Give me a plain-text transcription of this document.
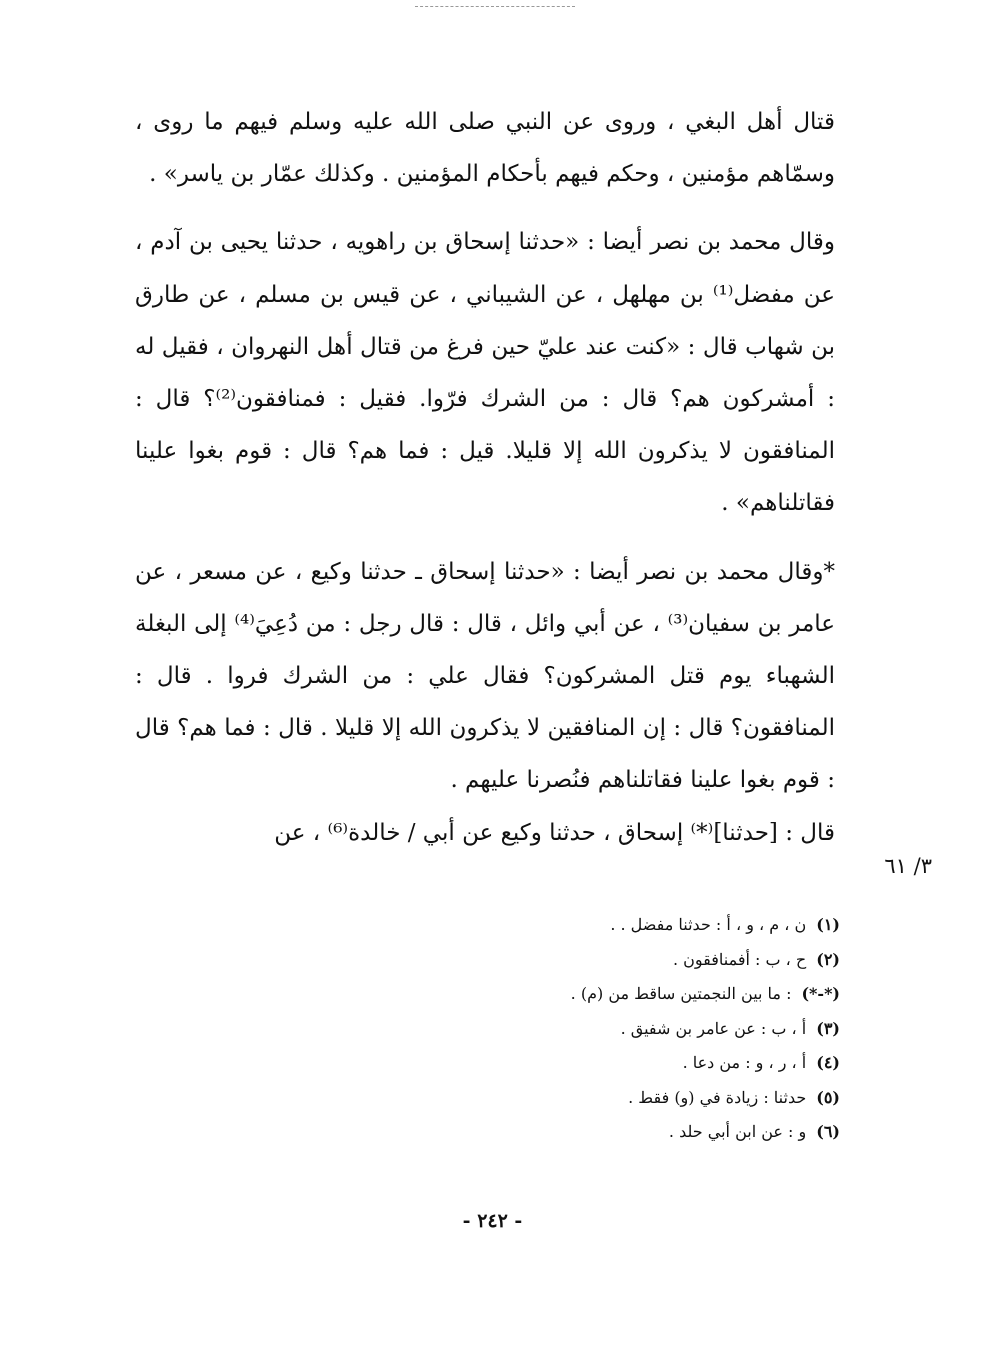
قتال أهل البغي ، وروى عن النبي صلى الله عليه وسلم فيهم ما روى ، وسمّاهم مؤمنين ، وحكم فيهم بأحكام المؤمنين . وكذلك عمّار بن ياسر» .

وقال محمد بن نصر أيضا : «حدثنا إسحاق بن راهويه ، حدثنا يحيى بن آدم ، عن مفضل⁽¹⁾ بن مهلهل ، عن الشيباني ، عن قيس بن مسلم ، عن طارق بن شهاب قال : «كنت عند عليّ حين فرغ من قتال أهل النهروان ، فقيل له : أمشركون هم؟ قال : من الشرك فرّوا. فقيل : فمنافقون⁽²⁾؟ قال : المنافقون لا يذكرون الله إلا قليلا. قيل : فما هم؟ قال : قوم بغوا علينا فقاتلناهم» .

*وقال محمد بن نصر أيضا : «حدثنا إسحاق ـ حدثنا وكيع ، عن مسعر ، عن عامر بن سفيان⁽³⁾ ، عن أبي وائل ، قال : قال رجل : من دُعِيَ⁽⁴⁾ إلى البغلة الشهباء يوم قتل المشركون؟ فقال علي : من الشرك فروا . قال : المنافقون؟ قال : إن المنافقين لا يذكرون الله إلا قليلا . قال : فما هم؟ قال : قوم بغوا علينا فقاتلناهم فنُصرنا عليهم .

قال : [حدثنا]⁽*⁾ إسحاق ، حدثنا وكيع عن أبي / خالدة⁽⁶⁾ ، عن

٣/ ٦١
(١)ن ، م ، و ، أ : حدثنا مفضل . .
(٢)ح ، ب : أفمنافقون .
(*-*): ما بين النجمتين ساقط من (م) .
(٣)أ ، ب : عن عامر بن شفيق .
(٤)أ ، ر ، و : من دعا .
(٥)حدثنا : زيادة في (و) فقط .
(٦)و : عن ابن أبي حلد .
- ٢٤٢ -
